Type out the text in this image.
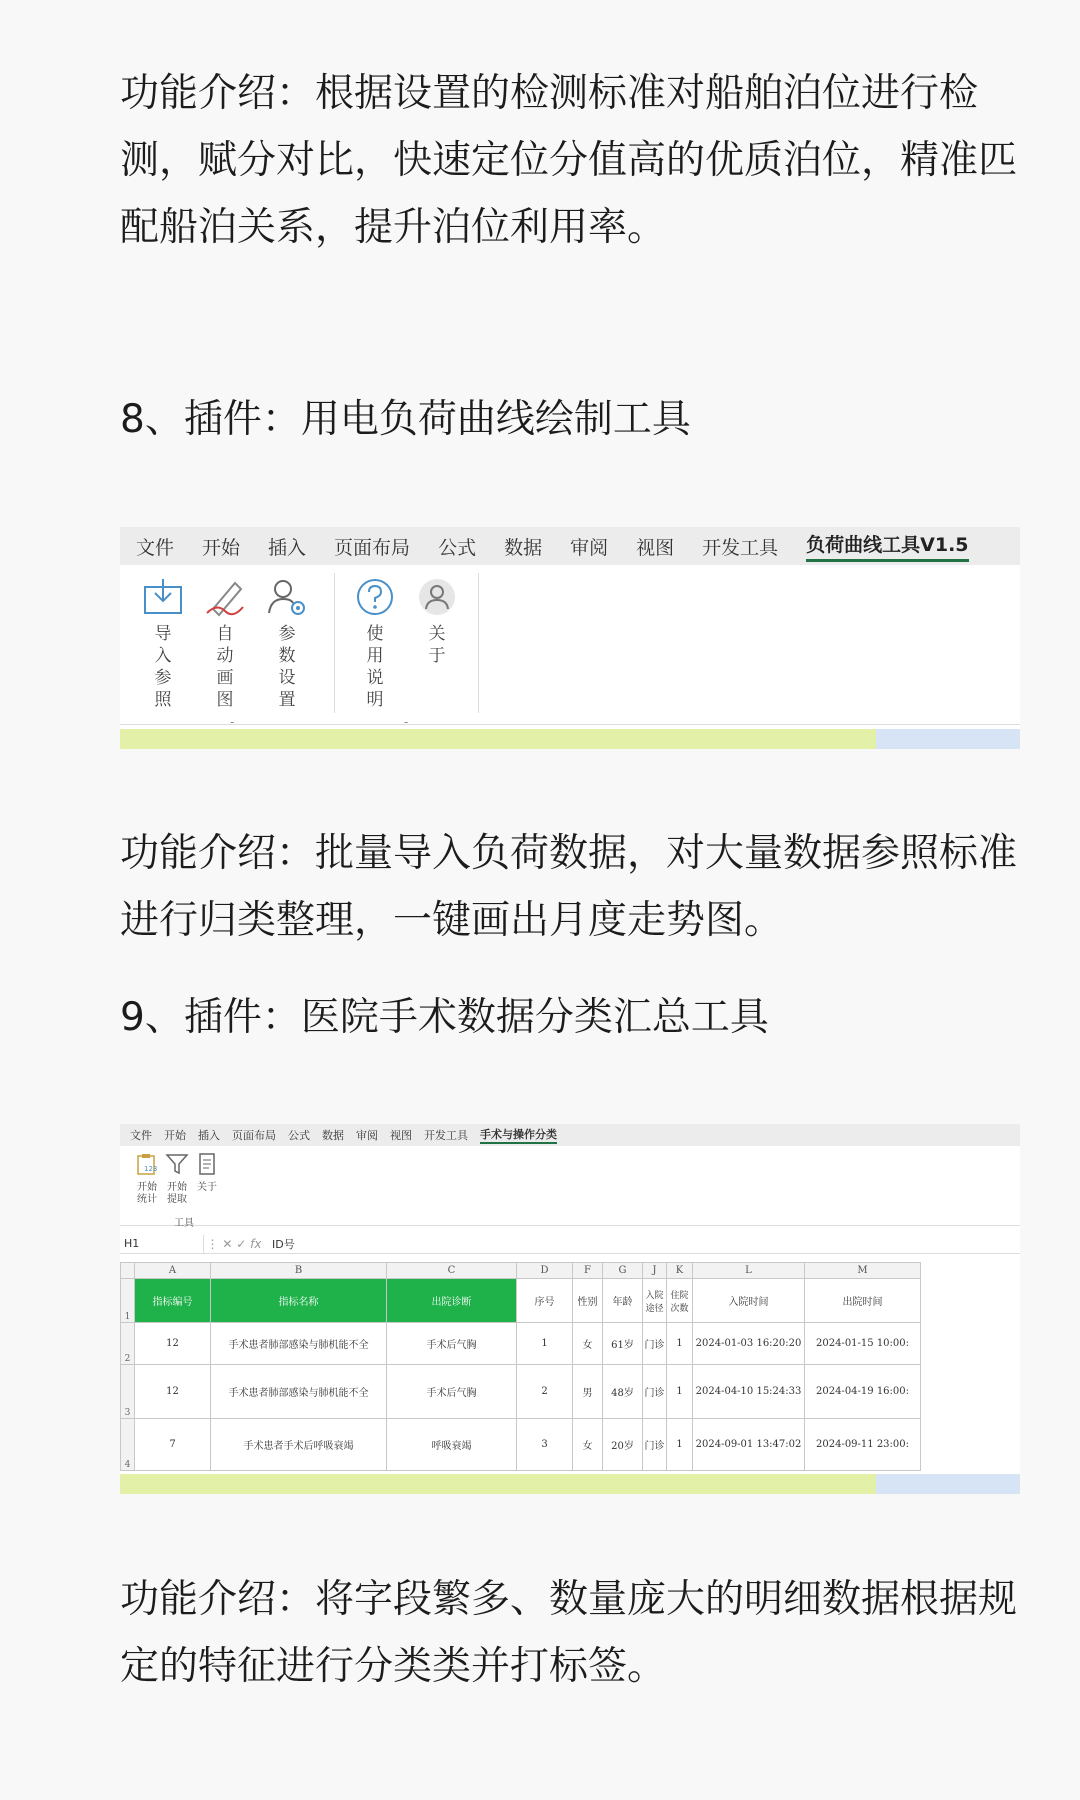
功能介绍：根据设置的检测标准对船舶泊位进行检测，赋分对比，快速定位分值高的优质泊位，精准匹配船泊关系，提升泊位利用率。
8、插件：用电负荷曲线绘制工具
文件 开始 插入 页面布局 公式 数据 审阅 视图 开发工具 负荷曲线工具V1.5
导入参照
自动画图
参数设置
使用说明
关于
-	-
功能介绍：批量导入负荷数据，对大量数据参照标准进行归类整理，一键画出月度走势图。
9、插件：医院手术数据分类汇总工具
文件 开始 插入 页面布局 公式 数据 审阅 视图 开发工具 手术与操作分类
123
开始统计
开始提取
关于
工具
H1	⋮ ✕ ✓ fx ID号
	A	B	C	D	F	G	J	K	L	M
1	指标编号	指标名称	出院诊断	序号	性别	年龄	入院途径	住院次数	入院时间	出院时间
2	12	手术患者肺部感染与肺机能不全	手术后气胸	1	女	61岁	门诊	1	2024-01-03 16:20:20	2024-01-15 10:00:
3	12	手术患者肺部感染与肺机能不全	手术后气胸	2	男	48岁	门诊	1	2024-04-10 15:24:33	2024-04-19 16:00:
4	7	手术患者手术后呼吸衰竭	呼吸衰竭	3	女	20岁	门诊	1	2024-09-01 13:47:02	2024-09-11 23:00:
功能介绍：将字段繁多、数量庞大的明细数据根据规定的特征进行分类类并打标签。
